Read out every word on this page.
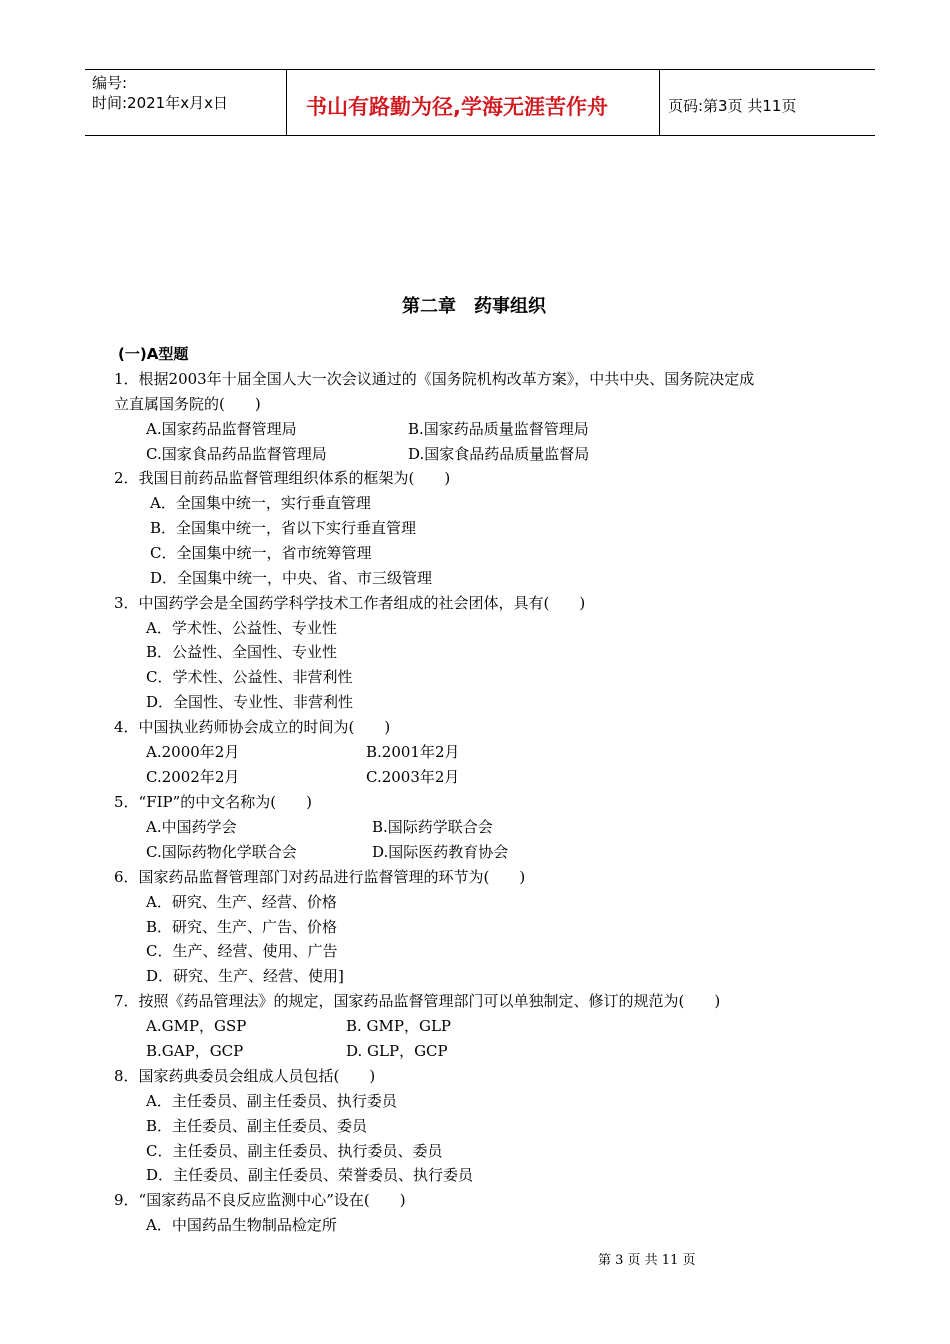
编号:
时间:2021年x月x日	书山有路勤为径,学海无涯苦作舟	页码:第3页 共11页
第二章　药事组织
(一)A型题
1．根据2003年十届全国人大一次会议通过的《国务院机构改革方案》，中共中央、国务院决定成
立直属国务院的(　　)
A.国家药品监督管理局	B.国家药品质量监督管理局
C.国家食品药品监督管理局	D.国家食品药品质量监督局
2．我国目前药品监督管理组织体系的框架为(　　)
A．全国集中统一，实行垂直管理
B．全国集中统一，省以下实行垂直管理
C．全国集中统一，省市统筹管理
D．全国集中统一，中央、省、市三级管理
3．中国药学会是全国药学科学技术工作者组成的社会团体，具有(　　)
A．学术性、公益性、专业性
B．公益性、全国性、专业性
C．学术性、公益性、非营利性
D．全国性、专业性、非营利性
4．中国执业药师协会成立的时间为(　　)
A.2000年2月	B.2001年2月
C.2002年2月	C.2003年2月
5．“FIP”的中文名称为(　　)
A.中国药学会	B.国际药学联合会
C.国际药物化学联合会	D.国际医药教育协会
6．国家药品监督管理部门对药品进行监督管理的环节为(　　)
A．研究、生产、经营、价格
B．研究、生产、广告、价格
C．生产、经营、使用、广告
D．研究、生产、经营、使用]
7．按照《药品管理法》的规定，国家药品监督管理部门可以单独制定、修订的规范为(　　)
A.GMP，GSP	B. GMP，GLP
B.GAP，GCP	D. GLP，GCP
8．国家药典委员会组成人员包括(　　)
A．主任委员、副主任委员、执行委员
B．主任委员、副主任委员、委员
C．主任委员、副主任委员、执行委员、委员
D．主任委员、副主任委员、荣誉委员、执行委员
9．“国家药品不良反应监测中心”设在(　　)
A．中国药品生物制品检定所
第 3 页 共 11 页
